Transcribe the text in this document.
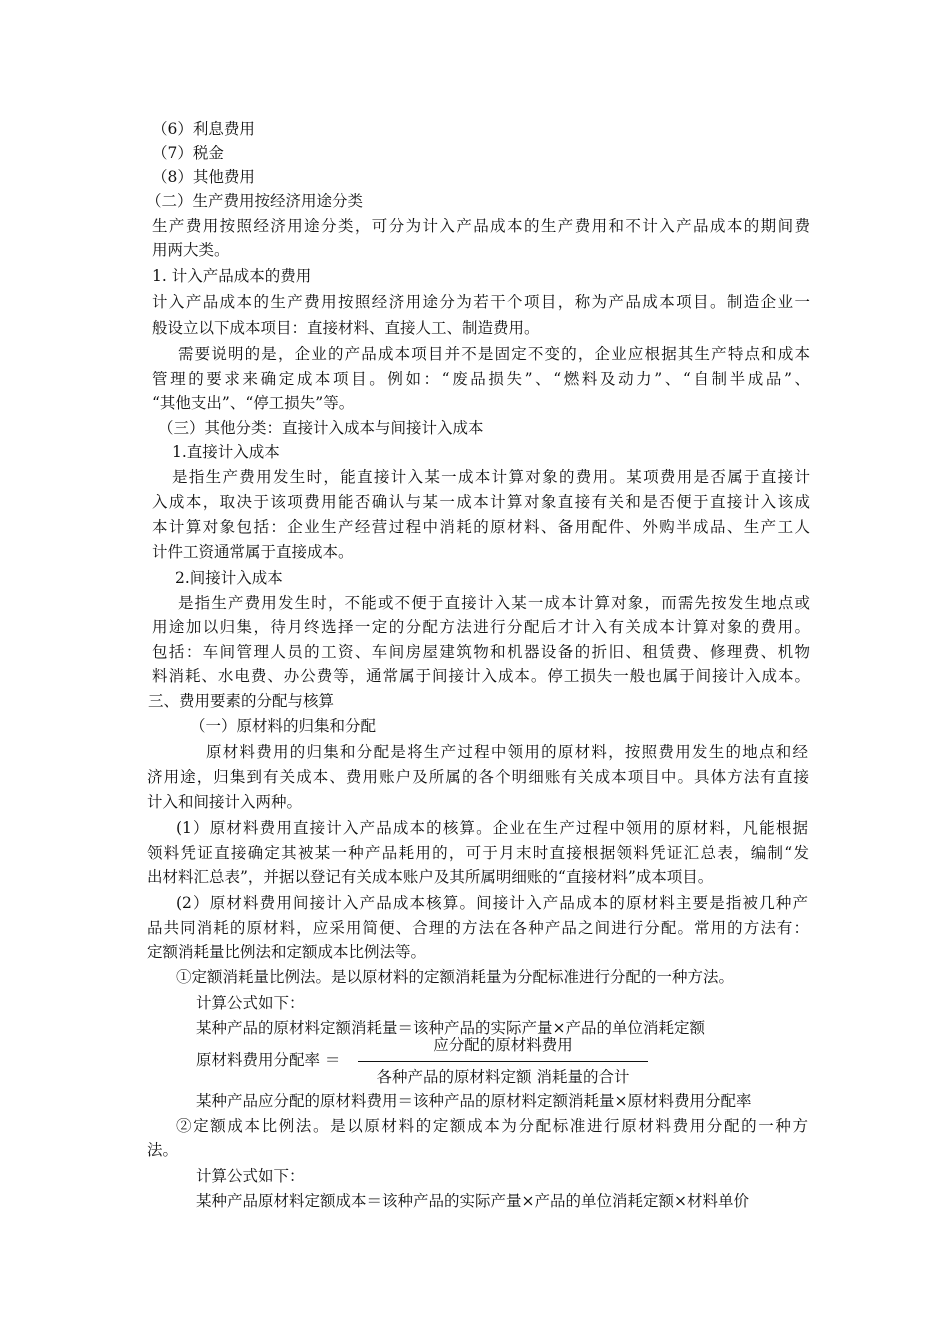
（6）利息费用
（7）税金
（8）其他费用
（二）生产费用按经济用途分类
生产费用按照经济用途分类，可分为计入产品成本的生产费用和不计入产品成本的期间费
用两大类。
1. 计入产品成本的费用
计入产品成本的生产费用按照经济用途分为若干个项目，称为产品成本项目。制造企业一
般设立以下成本项目：直接材料、直接人工、制造费用。
需要说明的是，企业的产品成本项目并不是固定不变的，企业应根据其生产特点和成本
管理的要求来确定成本项目。例如：“废品损失”、“燃料及动力”、“自制半成品”、
“其他支出”、“停工损失”等。
（三）其他分类：直接计入成本与间接计入成本
1.直接计入成本
是指生产费用发生时，能直接计入某一成本计算对象的费用。某项费用是否属于直接计
入成本，取决于该项费用能否确认与某一成本计算对象直接有关和是否便于直接计入该成
本计算对象包括：企业生产经营过程中消耗的原材料、备用配件、外购半成品、生产工人
计件工资通常属于直接成本。
2.间接计入成本
是指生产费用发生时，不能或不便于直接计入某一成本计算对象，而需先按发生地点或
用途加以归集，待月终选择一定的分配方法进行分配后才计入有关成本计算对象的费用。
包括：车间管理人员的工资、车间房屋建筑物和机器设备的折旧、租赁费、修理费、机物
料消耗、水电费、办公费等，通常属于间接计入成本。停工损失一般也属于间接计入成本。
三、费用要素的分配与核算
（一）原材料的归集和分配
原材料费用的归集和分配是将生产过程中领用的原材料，按照费用发生的地点和经
济用途，归集到有关成本、费用账户及所属的各个明细账有关成本项目中。具体方法有直接
计入和间接计入两种。
(1）原材料费用直接计入产品成本的核算。企业在生产过程中领用的原材料，凡能根据
领料凭证直接确定其被某一种产品耗用的，可于月末时直接根据领料凭证汇总表，编制“发
出材料汇总表”，并据以登记有关成本账户及其所属明细账的“直接材料”成本项目。
(2）原材料费用间接计入产品成本核算。间接计入产品成本的原材料主要是指被几种产
品共同消耗的原材料，应采用简便、合理的方法在各种产品之间进行分配。常用的方法有：
定额消耗量比例法和定额成本比例法等。
①定额消耗量比例法。是以原材料的定额消耗量为分配标准进行分配的一种方法。
计算公式如下：
某种产品的原材料定额消耗量＝该种产品的实际产量×产品的单位消耗定额
原材料费用分配率 ＝
应分配的原材料费用
各种产品的原材料定额 消耗量的合计
某种产品应分配的原材料费用＝该种产品的原材料定额消耗量×原材料费用分配率
②定额成本比例法。是以原材料的定额成本为分配标准进行原材料费用分配的一种方
法。
计算公式如下：
某种产品原材料定额成本＝该种产品的实际产量×产品的单位消耗定额×材料单价
